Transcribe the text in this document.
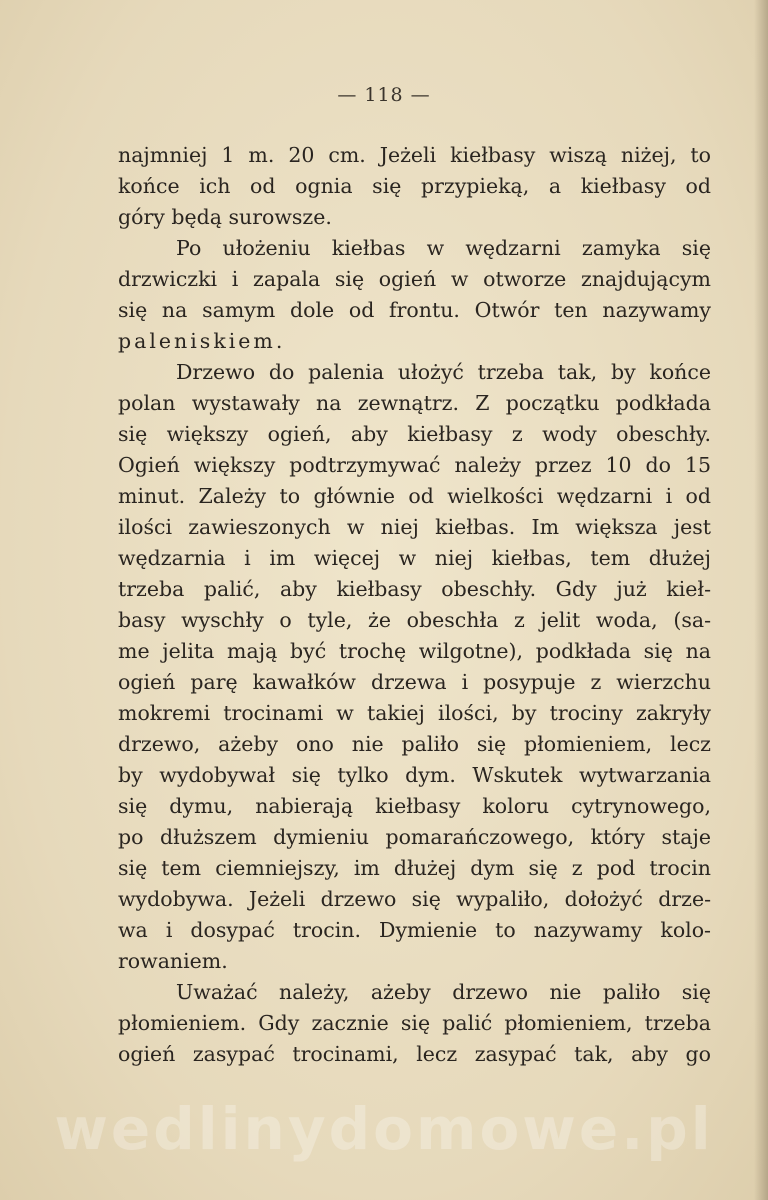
— 118 —
najmniej 1 m. 20 cm. Jeżeli kiełbasy wiszą niżej, to
końce ich od ognia się przypieką, a kiełbasy od
góry będą surowsze.
Po ułożeniu kiełbas w wędzarni zamyka się
drzwiczki i zapala się ogień w otworze znajdującym
się na samym dole od frontu. Otwór ten nazywamy
paleniskiem.
Drzewo do palenia ułożyć trzeba tak, by końce
polan wystawały na zewnątrz. Z początku podkłada
się większy ogień, aby kiełbasy z wody obeschły.
Ogień większy podtrzymywać należy przez 10 do 15
minut. Zależy to głównie od wielkości wędzarni i od
ilości zawieszonych w niej kiełbas. Im większa jest
wędzarnia i im więcej w niej kiełbas, tem dłużej
trzeba palić, aby kiełbasy obeschły. Gdy już kieł-
basy wyschły o tyle, że obeschła z jelit woda, (sa-
me jelita mają być trochę wilgotne), podkłada się na
ogień parę kawałków drzewa i posypuje z wierzchu
mokremi trocinami w takiej ilości, by trociny zakryły
drzewo, ażeby ono nie paliło się płomieniem, lecz
by wydobywał się tylko dym. Wskutek wytwarzania
się dymu, nabierają kiełbasy koloru cytrynowego,
po dłuższem dymieniu pomarańczowego, który staje
się tem ciemniejszy, im dłużej dym się z pod trocin
wydobywa. Jeżeli drzewo się wypaliło, dołożyć drze-
wa i dosypać trocin. Dymienie to nazywamy kolo-
rowaniem.
Uważać należy, ażeby drzewo nie paliło się
płomieniem. Gdy zacznie się palić płomieniem, trzeba
ogień zasypać trocinami, lecz zasypać tak, aby go
wedlinydomowe.pl
